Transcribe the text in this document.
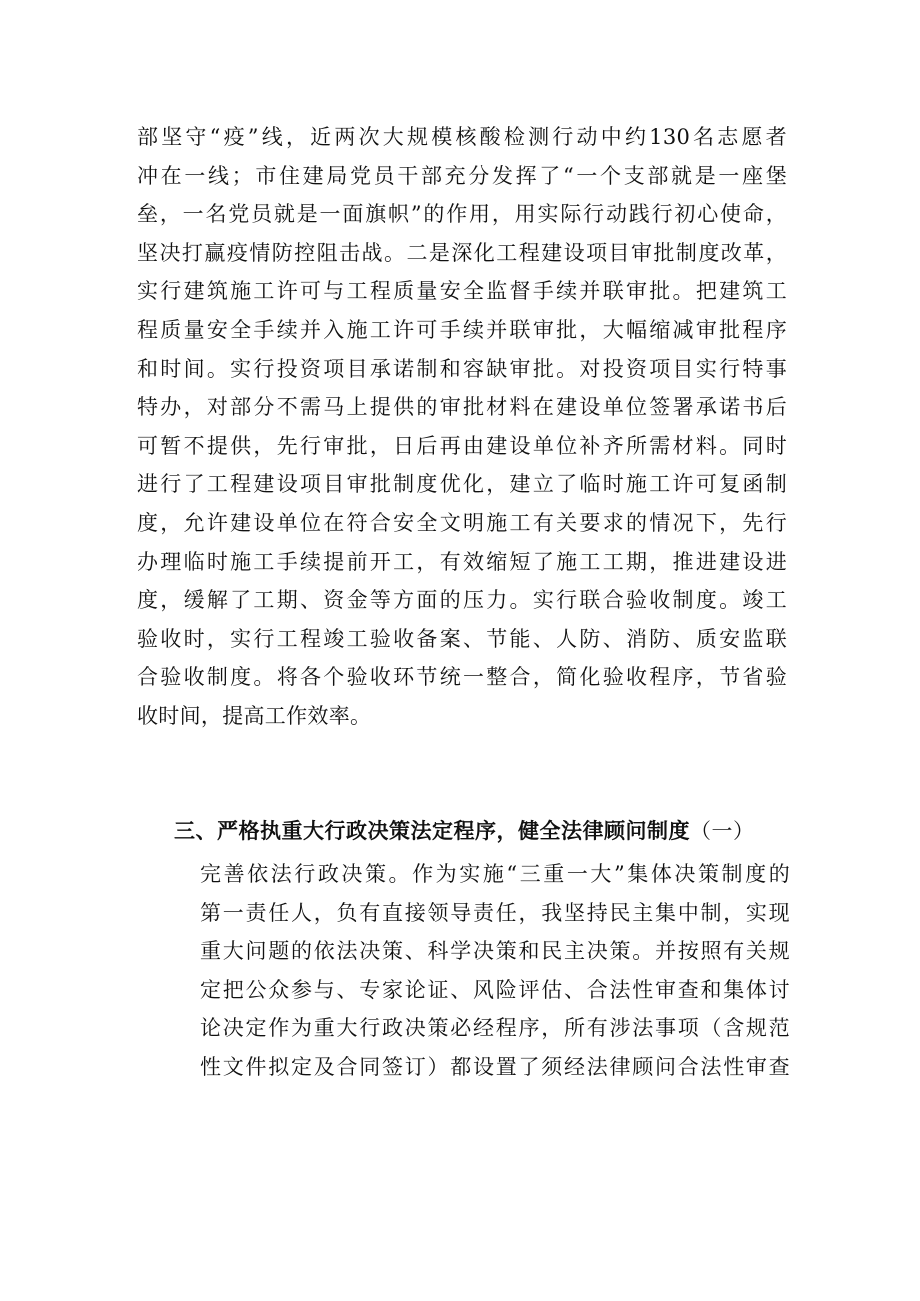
部坚守“疫”线，近两次大规模核酸检测行动中约130名志愿者
冲在一线；市住建局党员干部充分发挥了“一个支部就是一座堡
垒，一名党员就是一面旗帜”的作用，用实际行动践行初心使命，
坚决打赢疫情防控阻击战。二是深化工程建设项目审批制度改革，
实行建筑施工许可与工程质量安全监督手续并联审批。把建筑工
程质量安全手续并入施工许可手续并联审批，大幅缩减审批程序
和时间。实行投资项目承诺制和容缺审批。对投资项目实行特事
特办，对部分不需马上提供的审批材料在建设单位签署承诺书后
可暂不提供，先行审批，日后再由建设单位补齐所需材料。同时
进行了工程建设项目审批制度优化，建立了临时施工许可复函制
度，允许建设单位在符合安全文明施工有关要求的情况下，先行
办理临时施工手续提前开工，有效缩短了施工工期，推进建设进
度，缓解了工期、资金等方面的压力。实行联合验收制度。竣工
验收时，实行工程竣工验收备案、节能、人防、消防、质安监联
合验收制度。将各个验收环节统一整合，简化验收程序，节省验
收时间，提高工作效率。
三、严格执重大行政决策法定程序，健全法律顾问制度（一）
完善依法行政决策。作为实施“三重一大”集体决策制度的
第一责任人，负有直接领导责任，我坚持民主集中制，实现
重大问题的依法决策、科学决策和民主决策。并按照有关规
定把公众参与、专家论证、风险评估、合法性审查和集体讨
论决定作为重大行政决策必经程序，所有涉法事项（含规范
性文件拟定及合同签订）都设置了须经法律顾问合法性审查
